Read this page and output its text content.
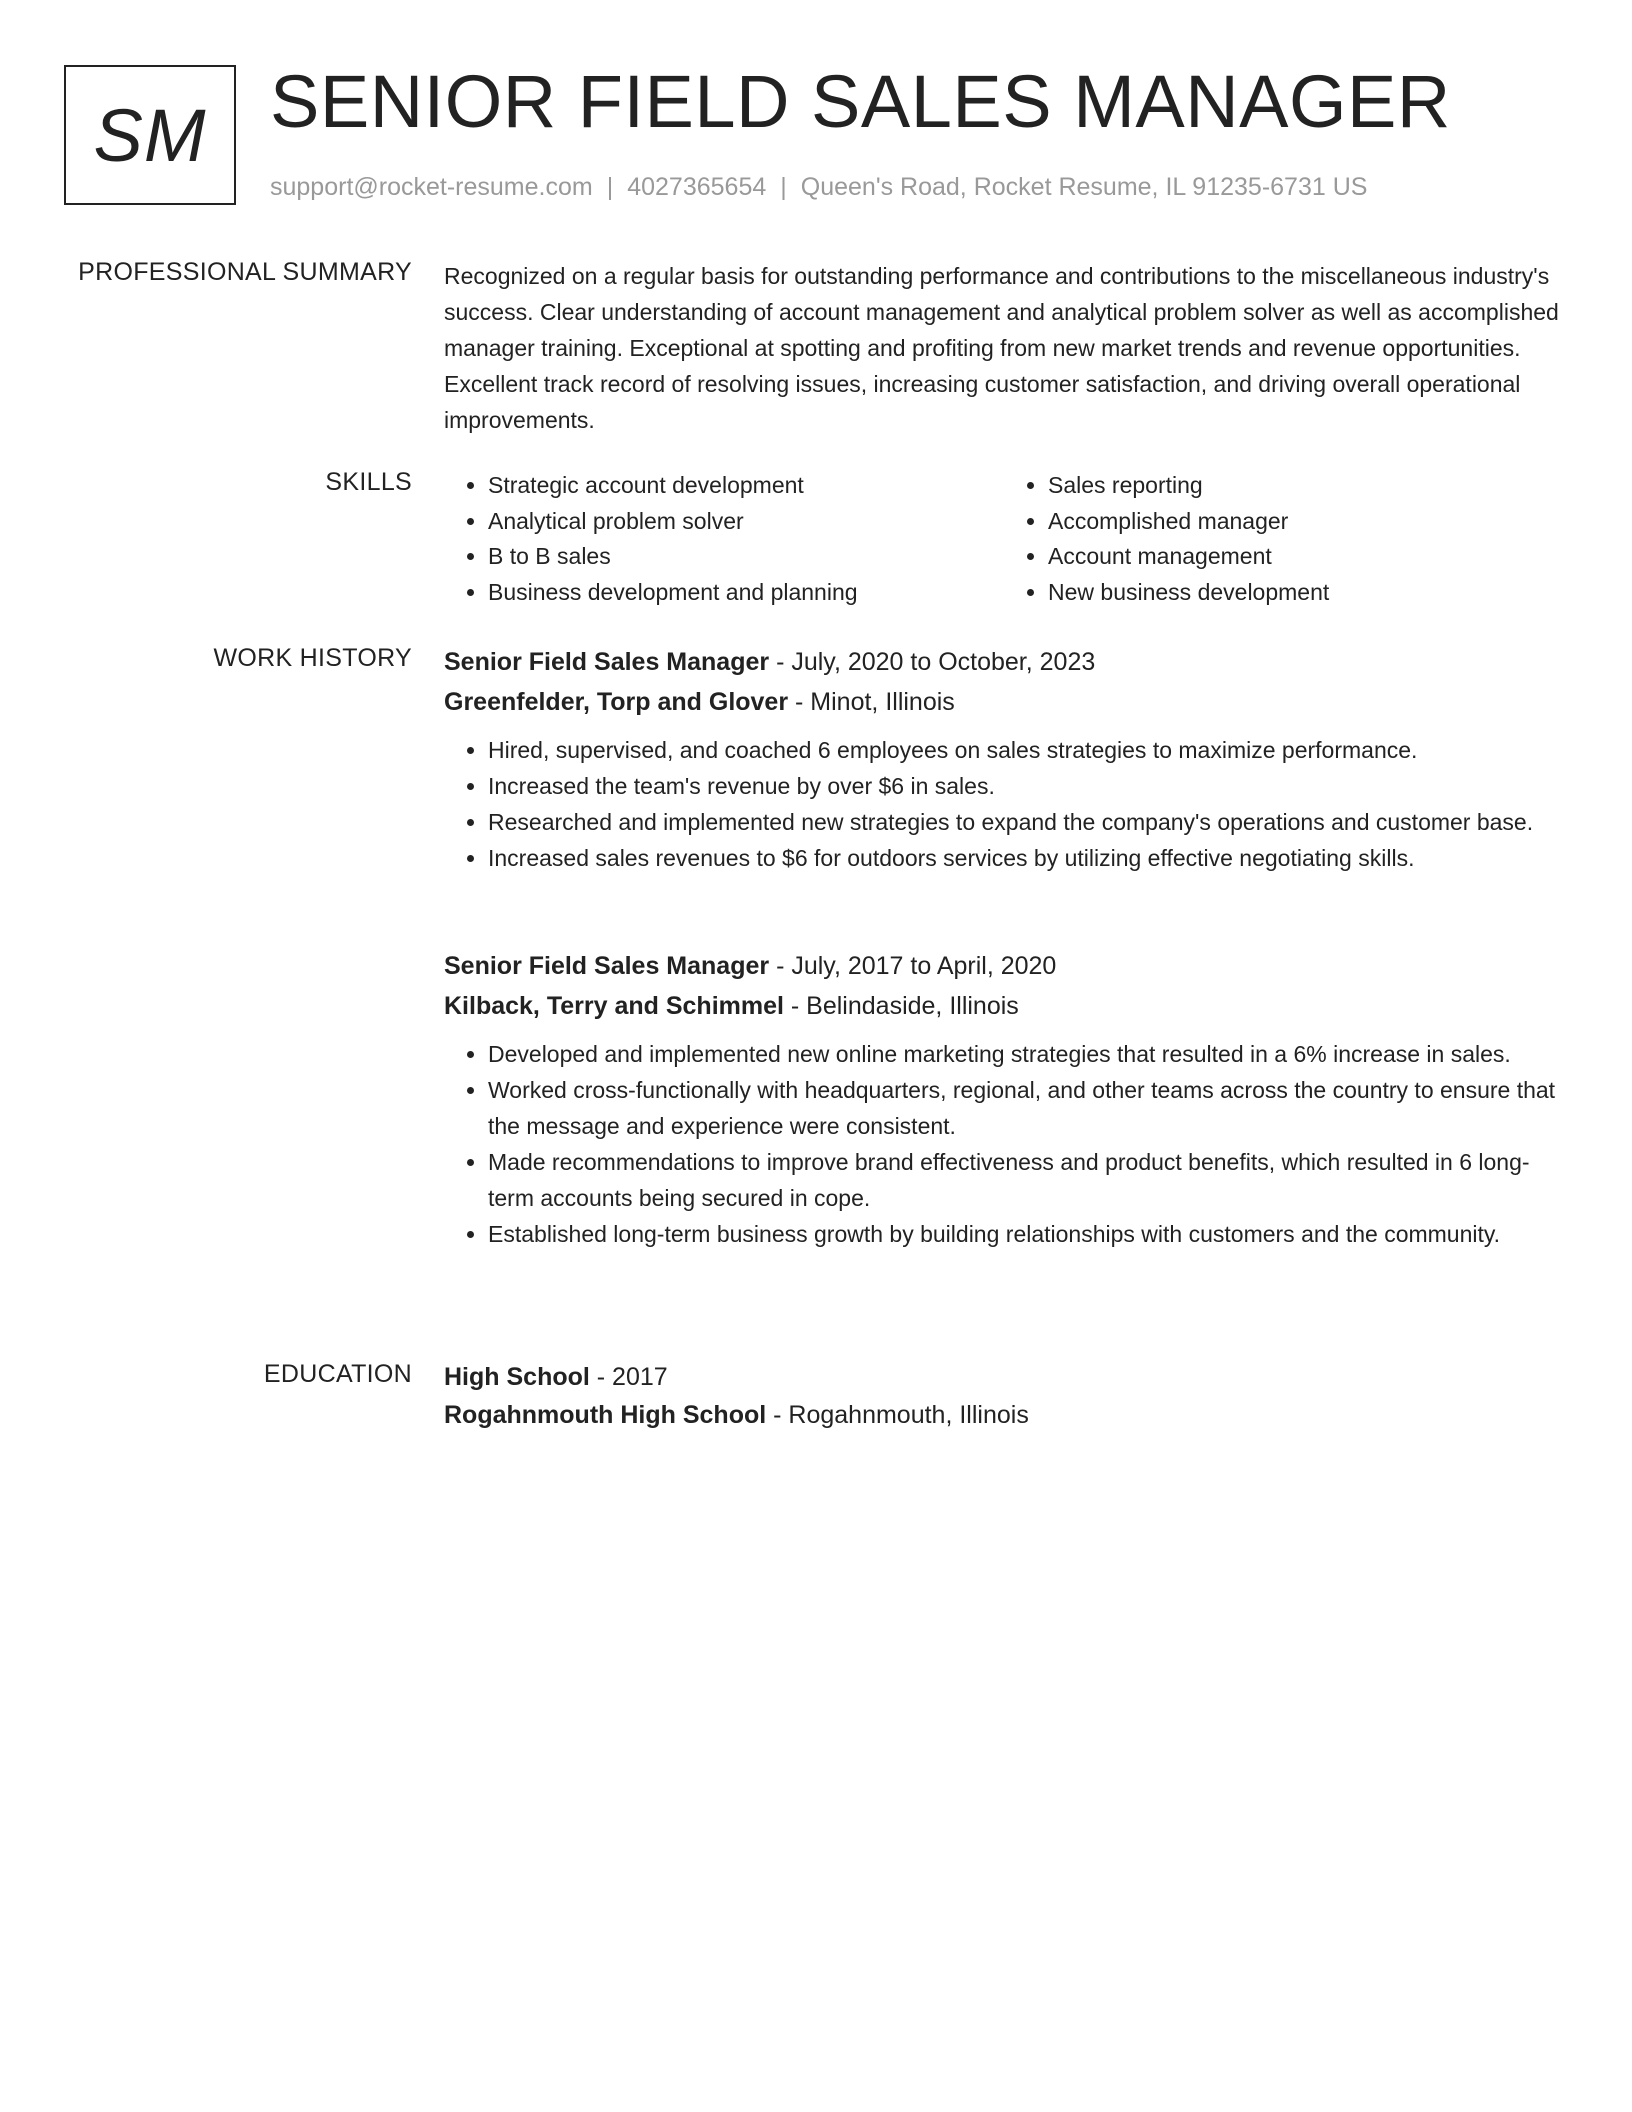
SM SENIOR FIELD SALES MANAGER
support@rocket-resume.com | 4027365654 | Queen's Road, Rocket Resume, IL 91235-6731 US
PROFESSIONAL SUMMARY Recognized on a regular basis for outstanding performance and contributions to the miscellaneous industry's success. Clear understanding of account management and analytical problem solver as well as accomplished manager training. Exceptional at spotting and profiting from new market trends and revenue opportunities. Excellent track record of resolving issues, increasing customer satisfaction, and driving overall operational improvements.

SKILLS
•	Strategic account development
• Analytical problem solver
• B to B sales
• Business development and planning
• Sales reporting
• Accomplished manager
• Account management
• New business development
WORK HISTORY Senior Field Sales Manager - July, 2020 to October, 2023
Greenfelder, Torp and Glover - Minot, Illinois
• Hired, supervised, and coached 6 employees on sales strategies to maximize performance.
• Increased the team's revenue by over $6 in sales.
• Researched and implemented new strategies to expand the company's operations and customer base.
• Increased sales revenues to $6 for outdoors services by utilizing effective negotiating skills.
Senior Field Sales Manager - July, 2017 to April, 2020
Kilback, Terry and Schimmel - Belindaside, Illinois
• Developed and implemented new online marketing strategies that resulted in a 6% increase in sales.
• Worked cross-functionally with headquarters, regional, and other teams across the country to ensure that the message and experience were consistent.
• Made recommendations to improve brand effectiveness and product benefits, which resulted in 6 long-term accounts being secured in cope.
• Established long-term business growth by building relationships with customers and the community.
EDUCATION High School - 2017
Rogahnmouth High School - Rogahnmouth, Illinois
